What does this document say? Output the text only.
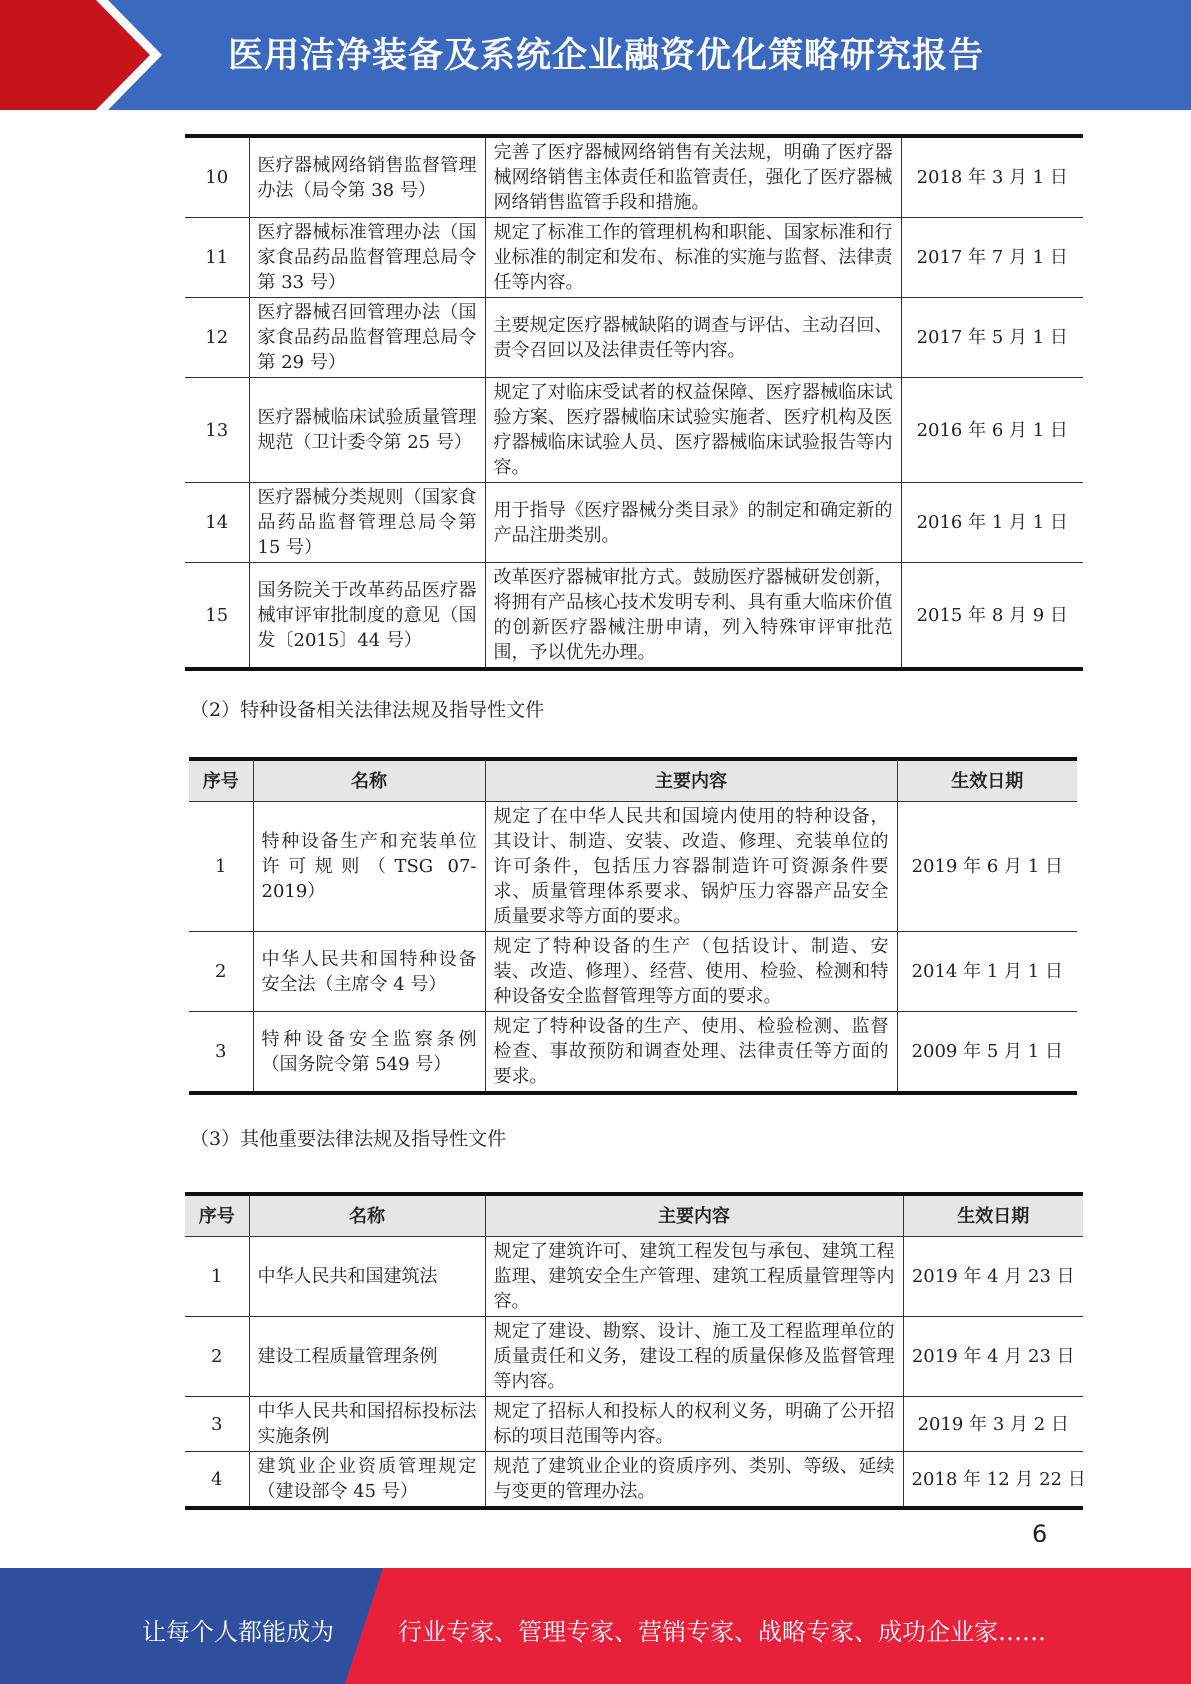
医用洁净装备及系统企业融资优化策略研究报告
10	医疗器械网络销售监督管理办法（局令第 38 号）	完善了医疗器械网络销售有关法规，明确了医疗器械网络销售主体责任和监管责任，强化了医疗器械网络销售监管手段和措施。	2018 年 3 月 1 日
11	医疗器械标准管理办法（国家食品药品监督管理总局令第 33 号）	规定了标准工作的管理机构和职能、国家标准和行业标准的制定和发布、标准的实施与监督、法律责任等内容。	2017 年 7 月 1 日
12	医疗器械召回管理办法（国家食品药品监督管理总局令第 29 号）	主要规定医疗器械缺陷的调查与评估、主动召回、责令召回以及法律责任等内容。	2017 年 5 月 1 日
13	医疗器械临床试验质量管理规范（卫计委令第 25 号）	规定了对临床受试者的权益保障、医疗器械临床试验方案、医疗器械临床试验实施者、医疗机构及医疗器械临床试验人员、医疗器械临床试验报告等内容。	2016 年 6 月 1 日
14	医疗器械分类规则（国家食品药品监督管理总局令第 15 号）	用于指导《医疗器械分类目录》的制定和确定新的产品注册类别。	2016 年 1 月 1 日
15	国务院关于改革药品医疗器械审评审批制度的意见（国发〔2015〕44 号）	改革医疗器械审批方式。鼓励医疗器械研发创新，将拥有产品核心技术发明专利、具有重大临床价值的创新医疗器械注册申请，列入特殊审评审批范围，予以优先办理。	2015 年 8 月 9 日
（2）特种设备相关法律法规及指导性文件
序号	名称	主要内容	生效日期
1	特种设备生产和充装单位许可规则（TSG 07-2019）	规定了在中华人民共和国境内使用的特种设备，其设计、制造、安装、改造、修理、充装单位的许可条件，包括压力容器制造许可资源条件要求、质量管理体系要求、锅炉压力容器产品安全质量要求等方面的要求。	2019 年 6 月 1 日
2	中华人民共和国特种设备安全法（主席令 4 号）	规定了特种设备的生产（包括设计、制造、安装、改造、修理）、经营、使用、检验、检测和特种设备安全监督管理等方面的要求。	2014 年 1 月 1 日
3	特种设备安全监察条例（国务院令第 549 号）	规定了特种设备的生产、使用、检验检测、监督检查、事故预防和调查处理、法律责任等方面的要求。	2009 年 5 月 1 日
（3）其他重要法律法规及指导性文件
序号	名称	主要内容	生效日期
1	中华人民共和国建筑法	规定了建筑许可、建筑工程发包与承包、建筑工程监理、建筑安全生产管理、建筑工程质量管理等内容。	2019 年 4 月 23 日
2	建设工程质量管理条例	规定了建设、勘察、设计、施工及工程监理单位的质量责任和义务，建设工程的质量保修及监督管理等内容。	2019 年 4 月 23 日
3	中华人民共和国招标投标法实施条例	规定了招标人和投标人的权利义务，明确了公开招标的项目范围等内容。	2019 年 3 月 2 日
4	建筑业企业资质管理规定（建设部令 45 号）	规范了建筑业企业的资质序列、类别、等级、延续与变更的管理办法。	2018 年 12 月 22 日
6
让每个人都能成为	行业专家、管理专家、营销专家、战略专家、成功企业家……
